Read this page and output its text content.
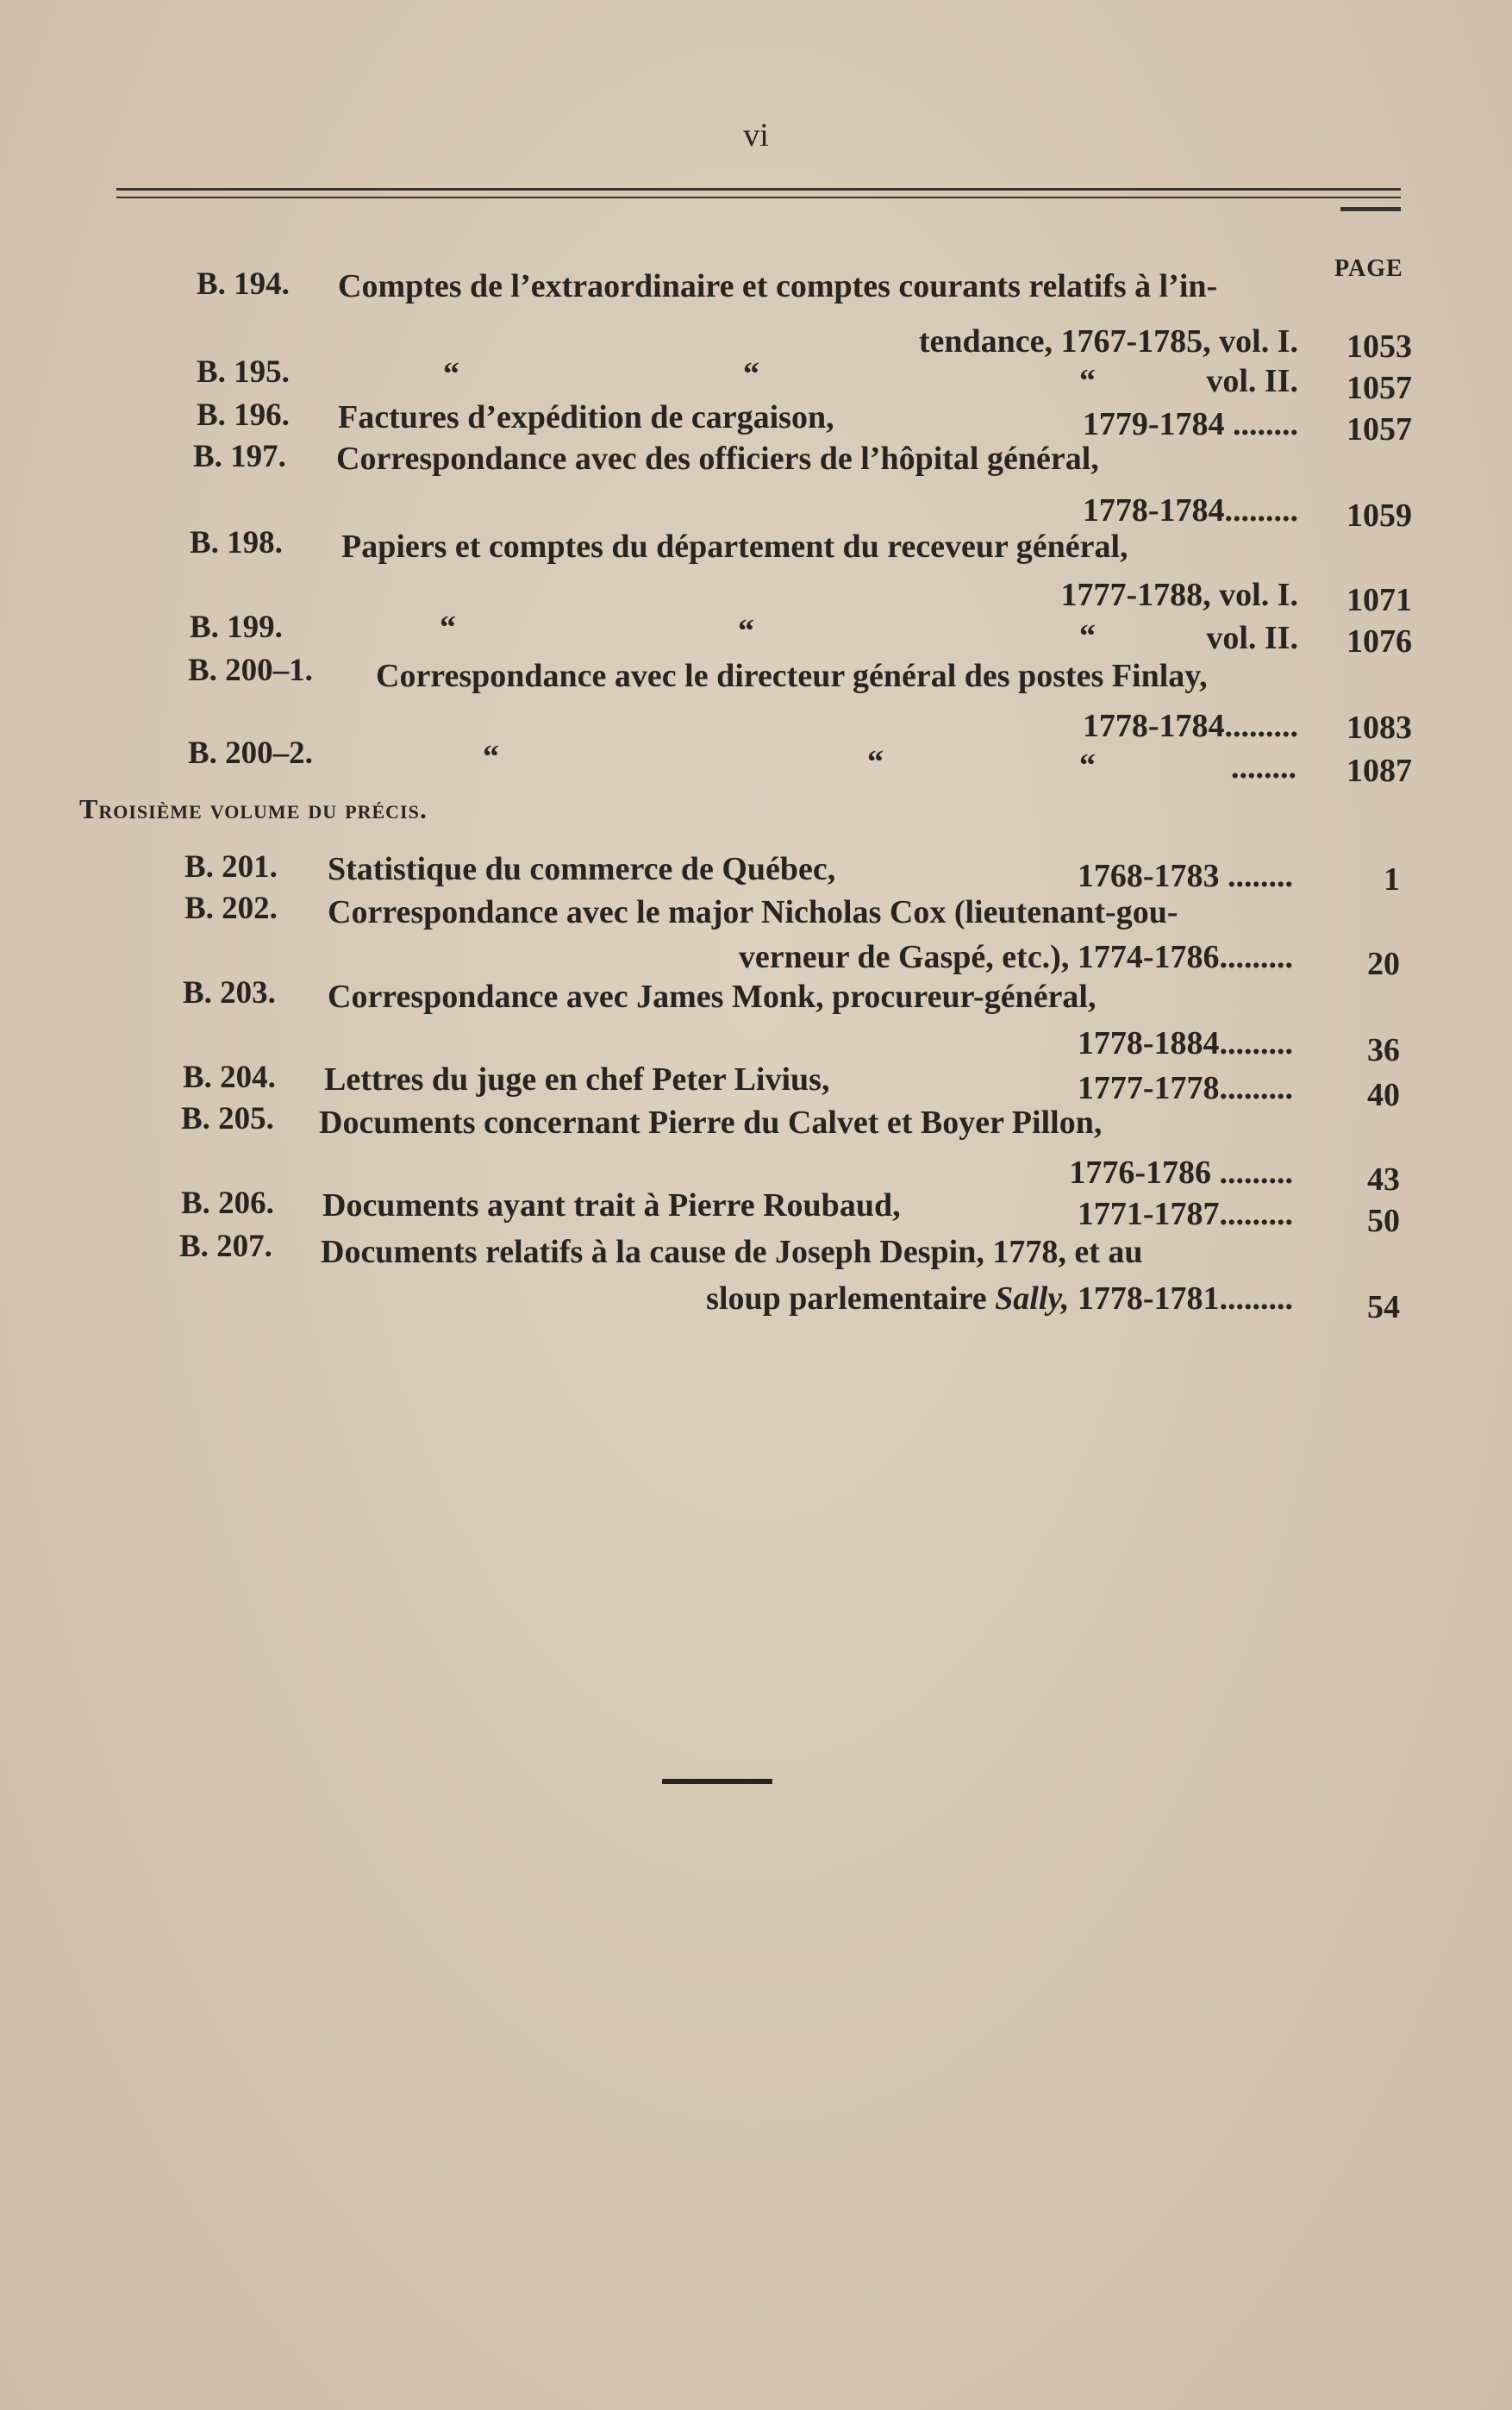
vi
PAGE
B. 194. Comptes de l’extraordinaire et comptes courants relatifs à l’in-
tendance, 1767-1785, vol. I.	1053
B. 195.	“	“	“	vol. II.	1057
B. 196. Factures d’expédition de cargaison,	1779-1784 ........	1057
B. 197. Correspondance avec des officiers de l’hôpital général,
1778-1784.........	1059
B. 198. Papiers et comptes du département du receveur général,
1777-1788, vol. I.	1071
B. 199.	“	“	“	vol. II.	1076
B. 200–1. Correspondance avec le directeur général des postes Finlay,
1778-1784.........	1083
B. 200–2.	“	“	“	........	1087
Troisième volume du précis.
B. 201. Statistique du commerce de Québec,	1768-1783 ........	1
B. 202. Correspondance avec le major Nicholas Cox (lieutenant-gou-
verneur de Gaspé, etc.), 1774-1786.........	20
B. 203. Correspondance avec James Monk, procureur-général,
1778-1884.........	36
B. 204. Lettres du juge en chef Peter Livius,	1777-1778.........	40
B. 205. Documents concernant Pierre du Calvet et Boyer Pillon,
1776-1786 .........	43
B. 206. Documents ayant trait à Pierre Roubaud,	1771-1787.........	50
B. 207. Documents relatifs à la cause de Joseph Despin, 1778, et au
sloup parlementaire Sally, 1778-1781.........	54
